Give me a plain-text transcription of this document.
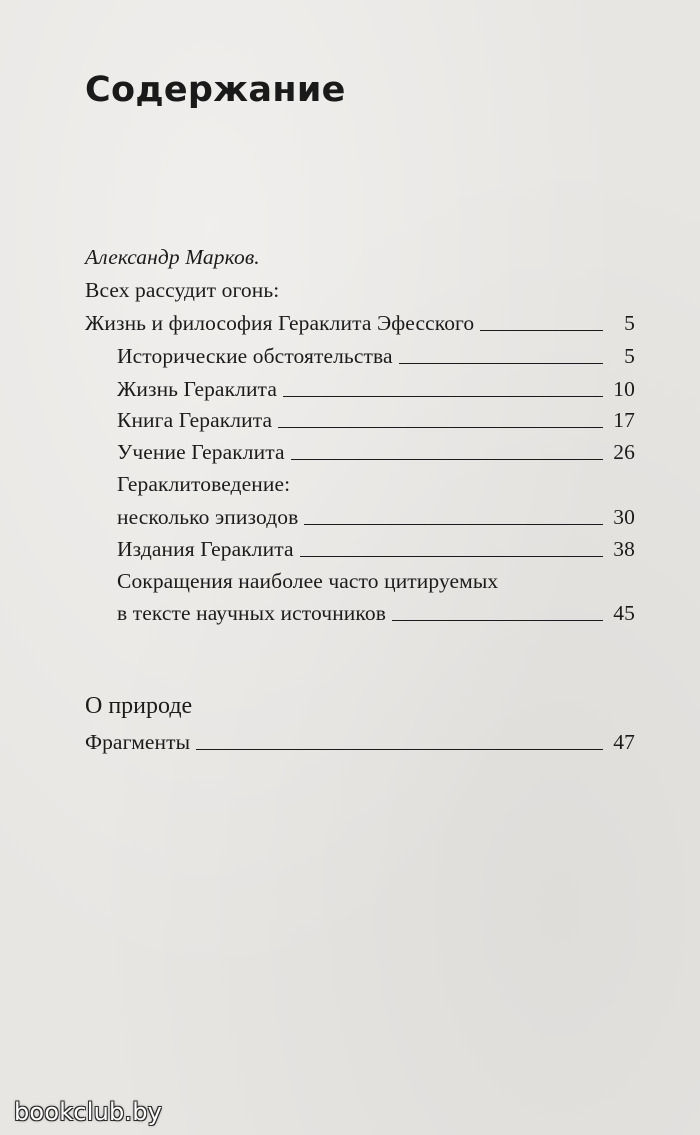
Содержание
Александр Марков.
Всех рассудит огонь:
Жизнь и философия Гераклита Эфесского	5
Исторические обстоятельства	5
Жизнь Гераклита	10
Книга Гераклита	17
Учение Гераклита	26
Гераклитоведение:
несколько эпизодов	30
Издания Гераклита	38
Сокращения наиболее часто цитируемых
в тексте научных источников	45
О природе
Фрагменты	47
bookclub.by
